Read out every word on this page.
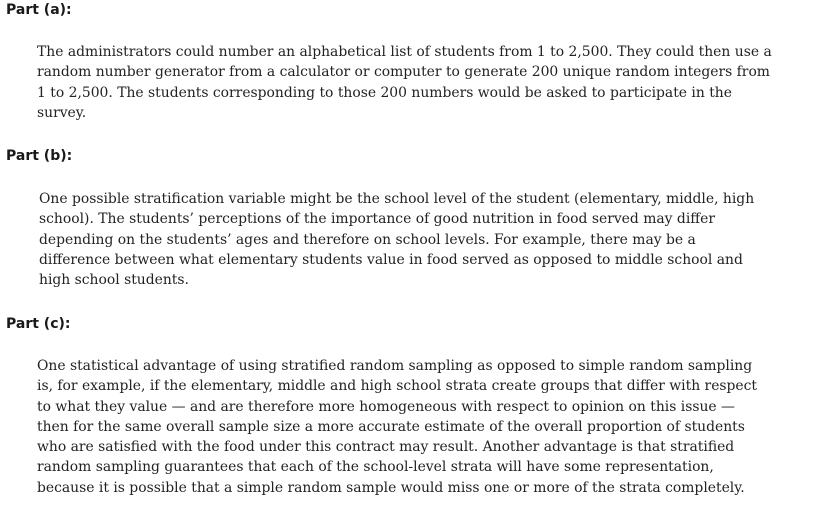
Part (a):
The administrators could number an alphabetical list of students from 1 to 2,500. They could then use a
random number generator from a calculator or computer to generate 200 unique random integers from
1 to 2,500. The students corresponding to those 200 numbers would be asked to participate in the
survey.
Part (b):
One possible stratification variable might be the school level of the student (elementary, middle, high
school). The students’ perceptions of the importance of good nutrition in food served may differ
depending on the students’ ages and therefore on school levels. For example, there may be a
difference between what elementary students value in food served as opposed to middle school and
high school students.
Part (c):
One statistical advantage of using stratified random sampling as opposed to simple random sampling
is, for example, if the elementary, middle and high school strata create groups that differ with respect
to what they value — and are therefore more homogeneous with respect to opinion on this issue —
then for the same overall sample size a more accurate estimate of the overall proportion of students
who are satisfied with the food under this contract may result. Another advantage is that stratified
random sampling guarantees that each of the school-level strata will have some representation,
because it is possible that a simple random sample would miss one or more of the strata completely.
